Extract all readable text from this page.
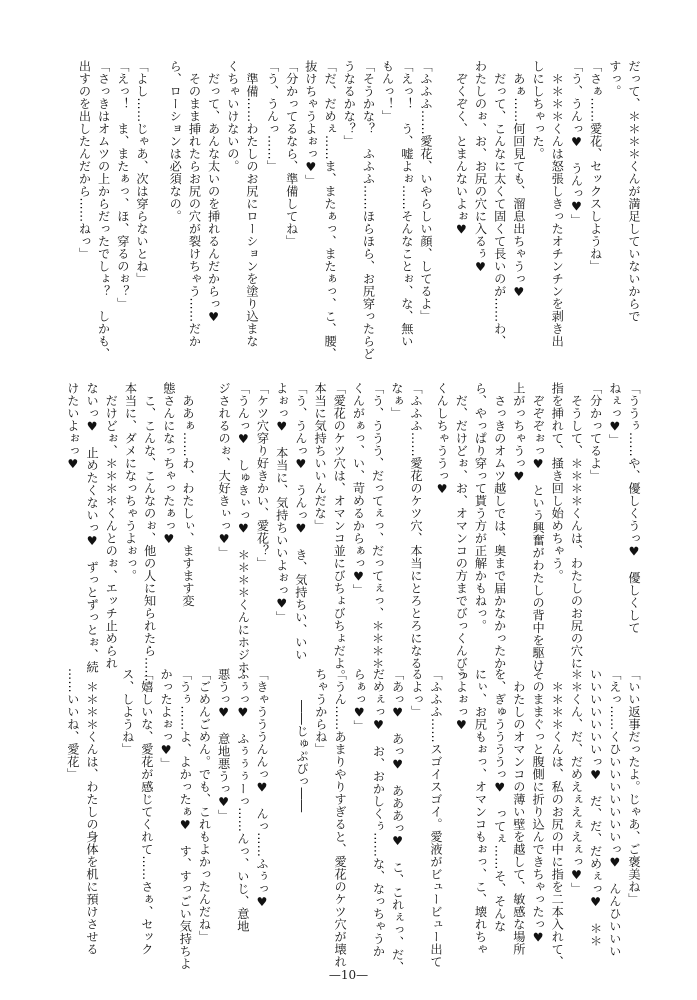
だって、＊＊＊＊くんが満足していないからで
すっ。
「さぁ……愛花、セックスしようね」
「う、うんっ♥　うんっ♥」
　＊＊＊＊くんは怒張しきったオチンチンを剥き出
しにしちゃった。
　あぁ……何回見ても、溜息出ちゃうっ♥
　だって、こんなに太くて固くて長いのが……わ、
わたしのぉ、お、お尻の穴に入るぅ♥
　ぞくぞく、とまんないよぉ♥
「ふふふ……愛花、いやらしい顔、してるよ」
「えっ！　う、嘘よぉ……そんなことぉ、な、無い
もんっ！」
「そうかな？　ふふふ……ほらほら、お尻穿ったらど
うなるかな？」
「だ、だめぇ……ま、またぁっ、またぁっ、こ、腰、
抜けちゃうよぉっ♥」
「分かってるなら、準備してね」
「う、うんっ……」
　準備……わたしのお尻にローションを塗り込まな
くちゃいけないの。
　だって、あんな太いのを挿れるんだからっ♥
　そのまま挿れたらお尻の穴が裂けちゃう……だか
ら、ローションは必須なの。
「よし……じゃあ、次は穿らないとね」
「えっ！　ま、またぁっ、ほ、穿るのぉ？」
「さっきはオムツの上からだったでしょ？　しかも、
出すのを出したんだから……ねっ」
「ううぅ……や、優しくうっ♥　優しくして
ねぇっ♥」
「分かってるよ」
　そうして、＊＊＊＊くんは、わたしのお尻の穴に
指を挿れて、掻き回し始めちゃう。
　ぞぞぞぉっ♥　という興奮がわたしの背中を駆け
上がっちゃうっ♥
　さっきのオムツ越しでは、奥まで届かなかったか
ら、やっぱり穿って貰う方が正解かもねっ。
　だ、だけどぉ、お、オマンコの方までびっくんびっ
くんしちゃううっ♥
「ふふふ……愛花のケツ穴、本当にとろとろになる
なぁ」
「う、ううう、だってぇっ、だってぇっ、＊＊＊＊
くんがぁっ、い、苛めるからぁっ♥」
「愛花のケツ穴は、オマンコ並にびちょびちょだよ。
本当に気持ちいいんだな」
「う、うんっ♥　うんっ♥　き、気持ちい、いい
よぉっ♥　本当に、気持ちいいよぉっ♥」
「ケツ穴穿り好きかい、愛花？」
「うんっ♥　しゅきぃっ♥　＊＊＊＊くんにホジホ
ジされるのぉ、大好きぃっ♥」
　ああぁ……わ、わたしぃ、ますます変
態さんになっちゃったぁっ♥
　こ、こんな、こんなのぉ、他の人に知られたら……
本当に、ダメになっちゃうよぉっ。
　だけどぉ、＊＊＊＊くんとのぉ、エッチ止められ
ないっ♥　止めたくないっ♥　ずっとずっとぉ、続
けたいよぉっ♥
「いい返事だったよ。じゃあ、ご褒美ね」
「えっ……くひいいいいいいいっ♥　んんひいいい
いいいいいいいっ♥　だ、だ、だめぇっ♥　＊＊
＊＊くん、だ、だめえぇえぇえぇっ♥」
　＊＊＊＊くんは、私のお尻の中に指を二本入れて、
そのままぐっと腹側に折り込んできちゃったっ♥
　わたしのオマンコの薄い壁を越して、敏感な場所
を、ぎゅううううっ♥　ってぇ……そ、そんな
にぃ、お尻もぉっ、オマンコもぉっ、こ、壊れちゃ
うよぉっ♥
「ふふふ……スゴイスゴイ。愛液がビュービュー出て
るよっ」
「あっ♥　あっ♥　あああっ♥　こ、これぇっ、だ、
だめぇっ♥　お、おかしくぅ……な、なっちゃうか
らぁっ♥」
「うん……あまりやりすぎると、愛花のケツ穴が壊れ
ちゃうからね」
――じゅぷぴっ――
「きゃうううんんっ♥　んっ……ふぅっ♥
ふぅっ♥　ふぅぅぅーっ……んっ、いじ、意地
悪うっ♥　意地悪うっ♥」
「ごめんごめん。でも、これもよかったんだね」
「うぅ……よ、よかったぁ♥　す、すっごい気持ちよ
かったよぉっ♥」
「嬉しいな、愛花が感じてくれて……さぁ、セック
ス、しようね」
　＊＊＊＊くんは、わたしの身体を机に預けさせる
……いいね、愛花」
—10—
